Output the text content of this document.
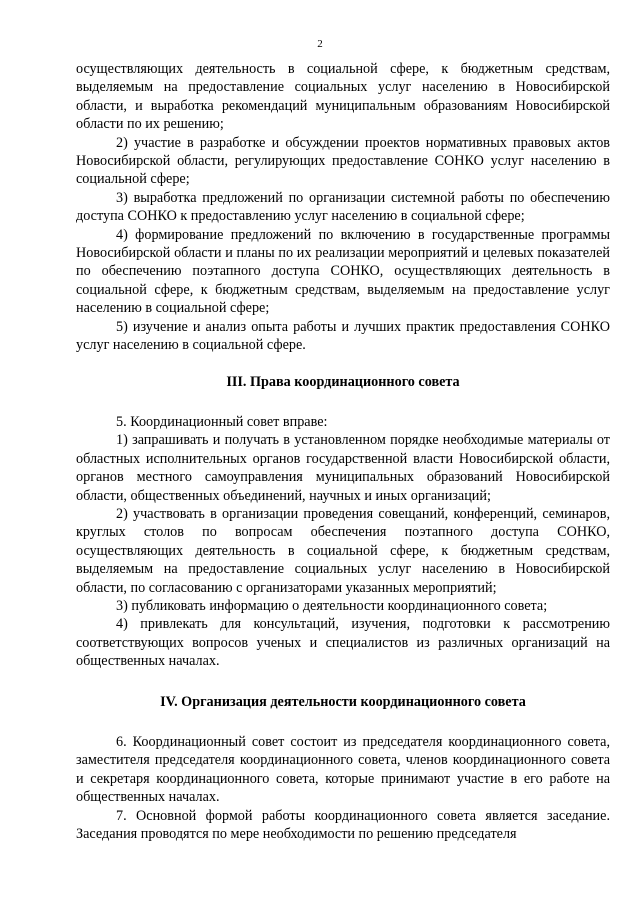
2

осуществляющих деятельность в социальной сфере, к бюджетным средствам, выделяемым на предоставление социальных услуг населению в Новосибирской области, и выработка рекомендаций муниципальным образованиям Новосибирской области по их решению;

2) участие в разработке и обсуждении проектов нормативных правовых актов Новосибирской области, регулирующих предоставление СОНКО услуг населению в социальной сфере;

3) выработка предложений по организации системной работы по обеспечению доступа СОНКО к предоставлению услуг населению в социальной сфере;

4) формирование предложений по включению в государственные программы Новосибирской области и планы по их реализации мероприятий и целевых показателей по обеспечению поэтапного доступа СОНКО, осуществляющих деятельность в социальной сфере, к бюджетным средствам, выделяемым на предоставление услуг населению в социальной сфере;

5) изучение и анализ опыта работы и лучших практик предоставления СОНКО услуг населению в социальной сфере.

III. Права координационного совета

5. Координационный совет вправе:

1) запрашивать и получать в установленном порядке необходимые материалы от областных исполнительных органов государственной власти Новосибирской области, органов местного самоуправления муниципальных образований Новосибирской области, общественных объединений, научных и иных организаций;

2) участвовать в организации проведения совещаний, конференций, семинаров, круглых столов по вопросам обеспечения поэтапного доступа СОНКО, осуществляющих деятельность в социальной сфере, к бюджетным средствам, выделяемым на предоставление социальных услуг населению в Новосибирской области, по согласованию с организаторами указанных мероприятий;

3) публиковать информацию о деятельности координационного совета;

4) привлекать для консультаций, изучения, подготовки к рассмотрению соответствующих вопросов ученых и специалистов из различных организаций на общественных началах.

IV. Организация деятельности координационного совета

6. Координационный совет состоит из председателя координационного совета, заместителя председателя координационного совета, членов координационного совета и секретаря координационного совета, которые принимают участие в его работе на общественных началах.

7. Основной формой работы координационного совета является заседание. Заседания проводятся по мере необходимости по решению председателя
